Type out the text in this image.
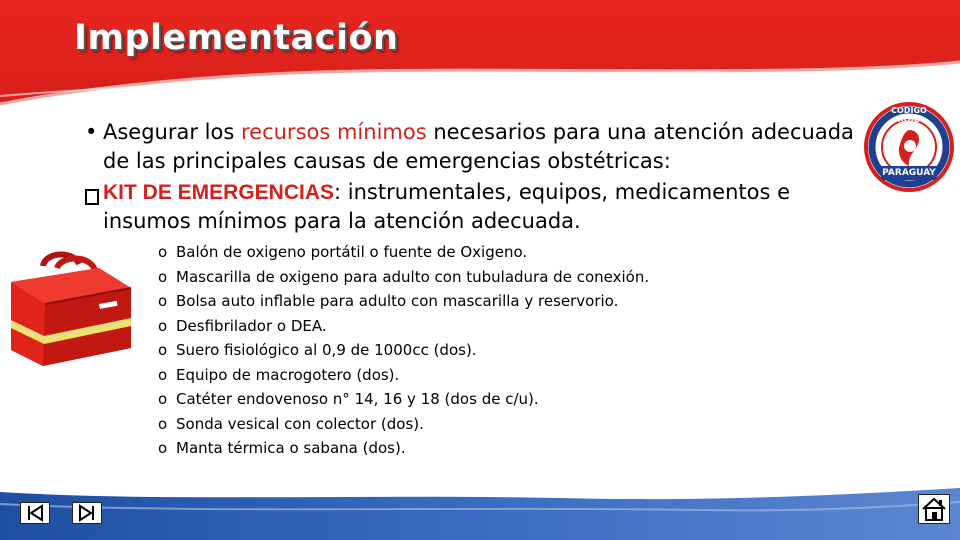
Implementación
CODIGO ROJO
PARAGUAY
• Asegurar los recursos mínimos necesarios para una atención adecuada de las principales causas de emergencias obstétricas:
KIT DE EMERGENCIAS: instrumentales, equipos, medicamentos e insumos mínimos para la atención adecuada.
o Balón de oxigeno portátil o fuente de Oxigeno.
o Mascarilla de oxigeno para adulto con tubuladura de conexión.
o Bolsa auto inflable para adulto con mascarilla y reservorio.
o Desfibrilador o DEA.
o Suero fisiológico al 0,9 de 1000cc (dos).
o Equipo de macrogotero (dos).
o Catéter endovenoso n° 14, 16 y 18 (dos de c/u).
o Sonda vesical con colector (dos).
o Manta térmica o sabana (dos).
